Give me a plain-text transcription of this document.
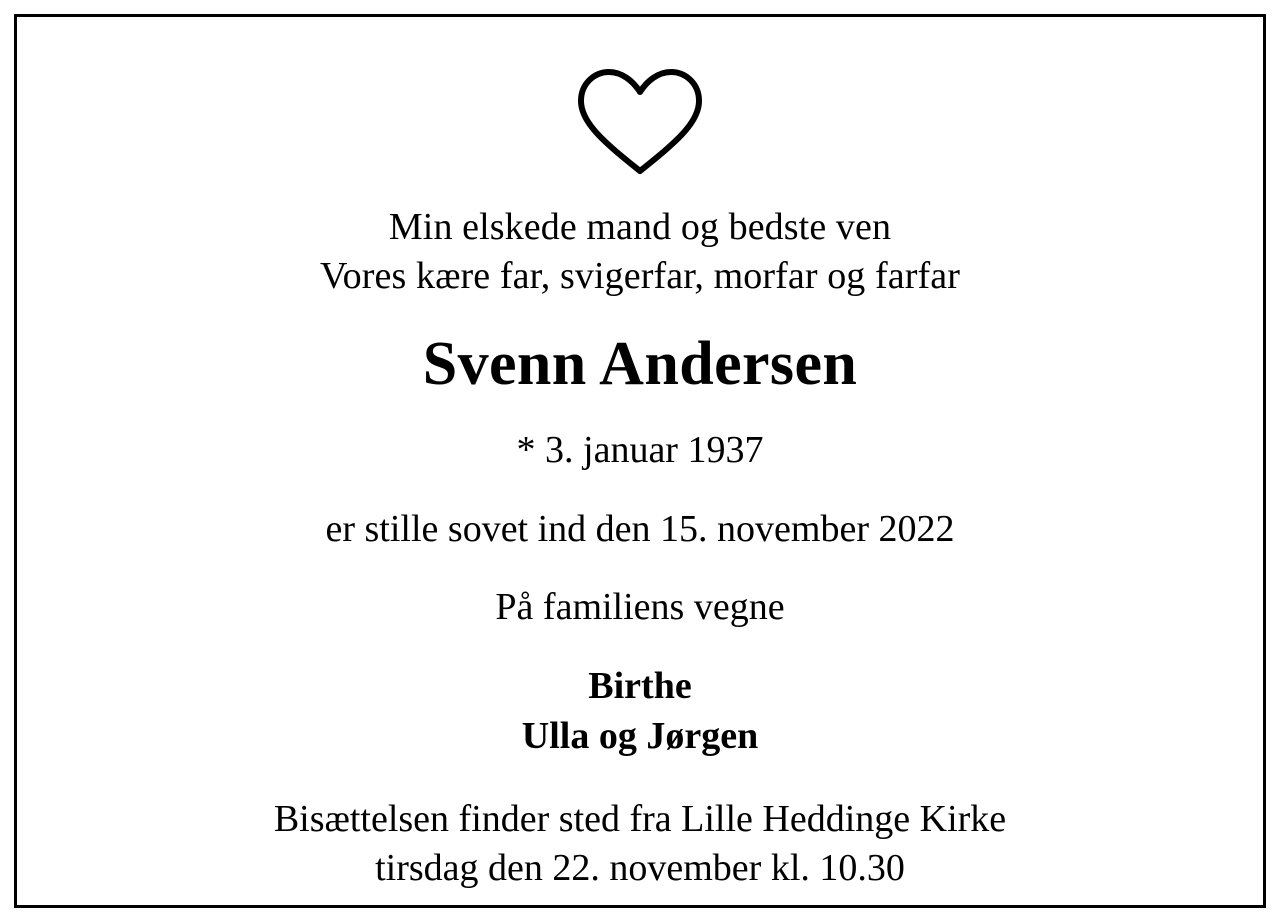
Min elskede mand og bedste ven
Vores kære far, svigerfar, morfar og farfar
Svenn Andersen
* 3. januar 1937
er stille sovet ind den 15. november 2022
På familiens vegne
Birthe
Ulla og Jørgen
Bisættelsen finder sted fra Lille Heddinge Kirke
tirsdag den 22. november kl. 10.30
